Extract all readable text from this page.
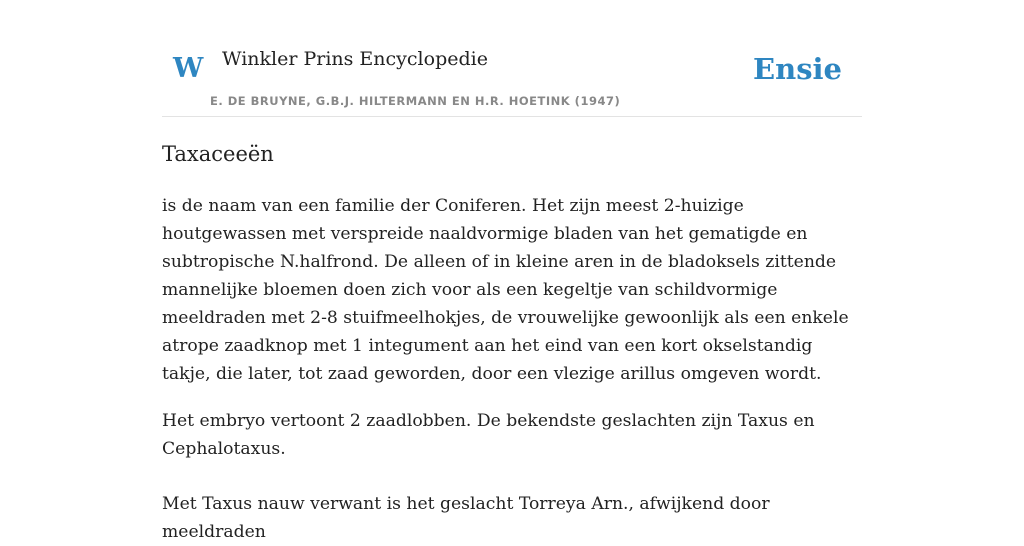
W Winkler Prins Encyclopedie
E. DE BRUYNE, G.B.J. HILTERMANN EN H.R. HOETINK (1947)
Ensie
Taxaceeën

is de naam van een familie der Coniferen. Het zijn meest 2-huizige houtgewassen met verspreide naaldvormige bladen van het gematigde en subtropische N.halfrond. De alleen of in kleine aren in de bladoksels zittende mannelijke bloemen doen zich voor als een kegeltje van schildvormige meeldraden met 2-8 stuifmeelhokjes, de vrouwelijke gewoonlijk als een enkele atrope zaadknop met 1 integument aan het eind van een kort okselstandig takje, die later, tot zaad geworden, door een vlezige arillus omgeven wordt.

Het embryo vertoont 2 zaadlobben. De bekendste geslachten zijn Taxus en Cephalotaxus.

Met Taxus nauw verwant is het geslacht Torreya Arn., afwijkend door meeldraden
